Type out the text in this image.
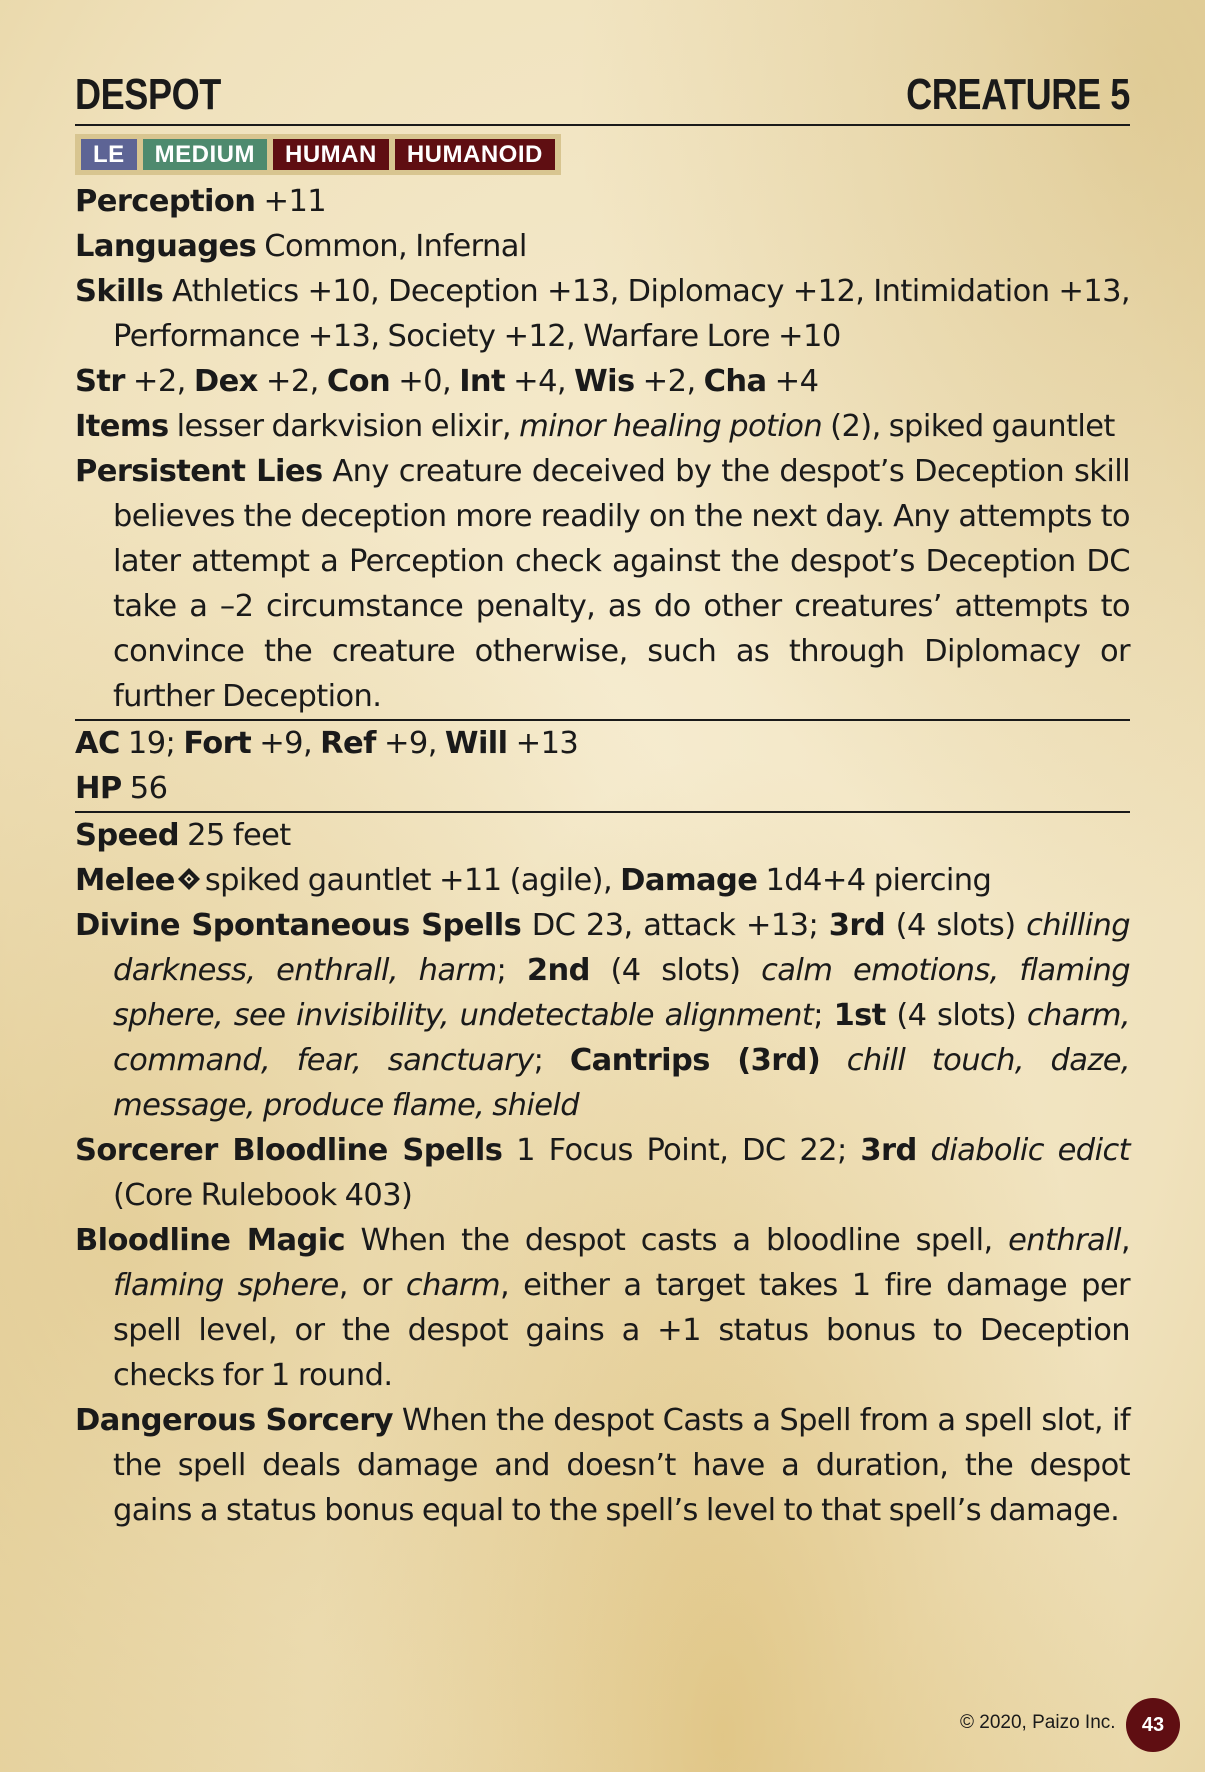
DESPOT	CREATURE 5
LE	MEDIUM	HUMAN	HUMANOID

Perception +11

Languages Common, Infernal

Skills Athletics +10, Deception +13, Diplomacy +12, Intimidation +13, Performance +13, Society +12, Warfare Lore +10

Str +2, Dex +2, Con +0, Int +4, Wis +2, Cha +4

Items lesser darkvision elixir, minor healing potion (2), spiked gauntlet

Persistent Lies Any creature deceived by the despot’s Deception skill believes the deception more readily on the next day. Any attempts to later attempt a Perception check against the despot’s Deception DC take a –2 circumstance penalty, as do other creatures’ attempts to convince the creature otherwise, such as through Diplomacy or further Deception.

AC 19; Fort +9, Ref +9, Will +13

HP 56

Speed 25 feet

Melee spiked gauntlet +11 (agile), Damage 1d4+4 piercing

Divine Spontaneous Spells DC 23, attack +13; 3rd (4 slots) chilling darkness, enthrall, harm; 2nd (4 slots) calm emotions, flaming sphere, see invisibility, undetectable alignment; 1st (4 slots) charm, command, fear, sanctuary; Cantrips (3rd) chill touch, daze, message, produce flame, shield

Sorcerer Bloodline Spells 1 Focus Point, DC 22; 3rd diabolic edict (Core Rulebook 403)

Bloodline Magic When the despot casts a bloodline spell, enthrall, flaming sphere, or charm, either a target takes 1 fire damage per spell level, or the despot gains a +1 status bonus to Deception checks for 1 round.

Dangerous Sorcery When the despot Casts a Spell from a spell slot, if the spell deals damage and doesn’t have a duration, the despot gains a status bonus equal to the spell’s level to that spell’s damage.

© 2020, Paizo Inc.	43
